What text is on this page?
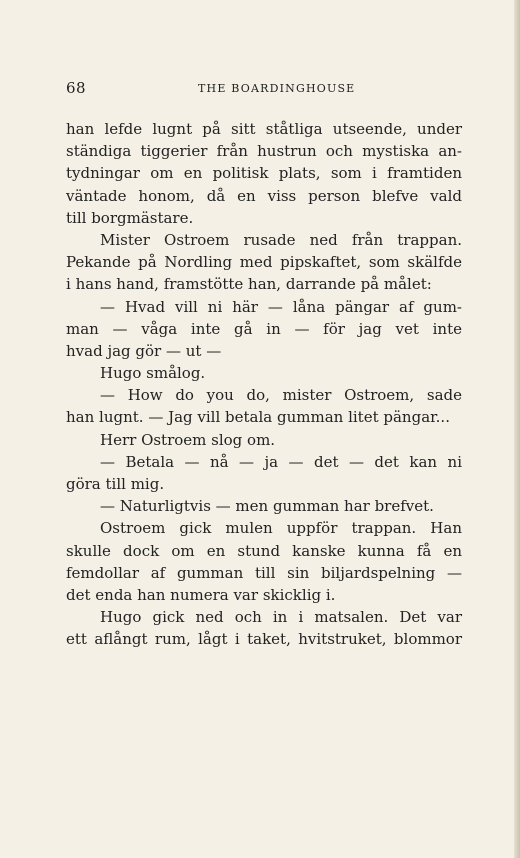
68	THE BOARDINGHOUSE
han lefde lugnt på sitt ståtliga utseende, under
ständiga tiggerier från hustrun och mystiska an-
tydningar om en politisk plats, som i framtiden
väntade honom, då en viss person blefve vald
till borgmästare.
Mister Ostroem rusade ned från trappan.
Pekande på Nordling med pipskaftet, som skälfde
i hans hand, framstötte han, darrande på målet:
— Hvad vill ni här — låna pängar af gum-
man — våga inte gå in — för jag vet inte
hvad jag gör — ut —
Hugo smålog.
— How do you do, mister Ostroem, sade
han lugnt. — Jag vill betala gumman litet pängar...
Herr Ostroem slog om.
— Betala — nå — ja — det — det kan ni
göra till mig.
— Naturligtvis — men gumman har brefvet.
Ostroem gick mulen uppför trappan. Han
skulle dock om en stund kanske kunna få en
femdollar af gumman till sin biljardspelning —
det enda han numera var skicklig i.
Hugo gick ned och in i matsalen. Det var
ett aflångt rum, lågt i taket, hvitstruket, blommor
